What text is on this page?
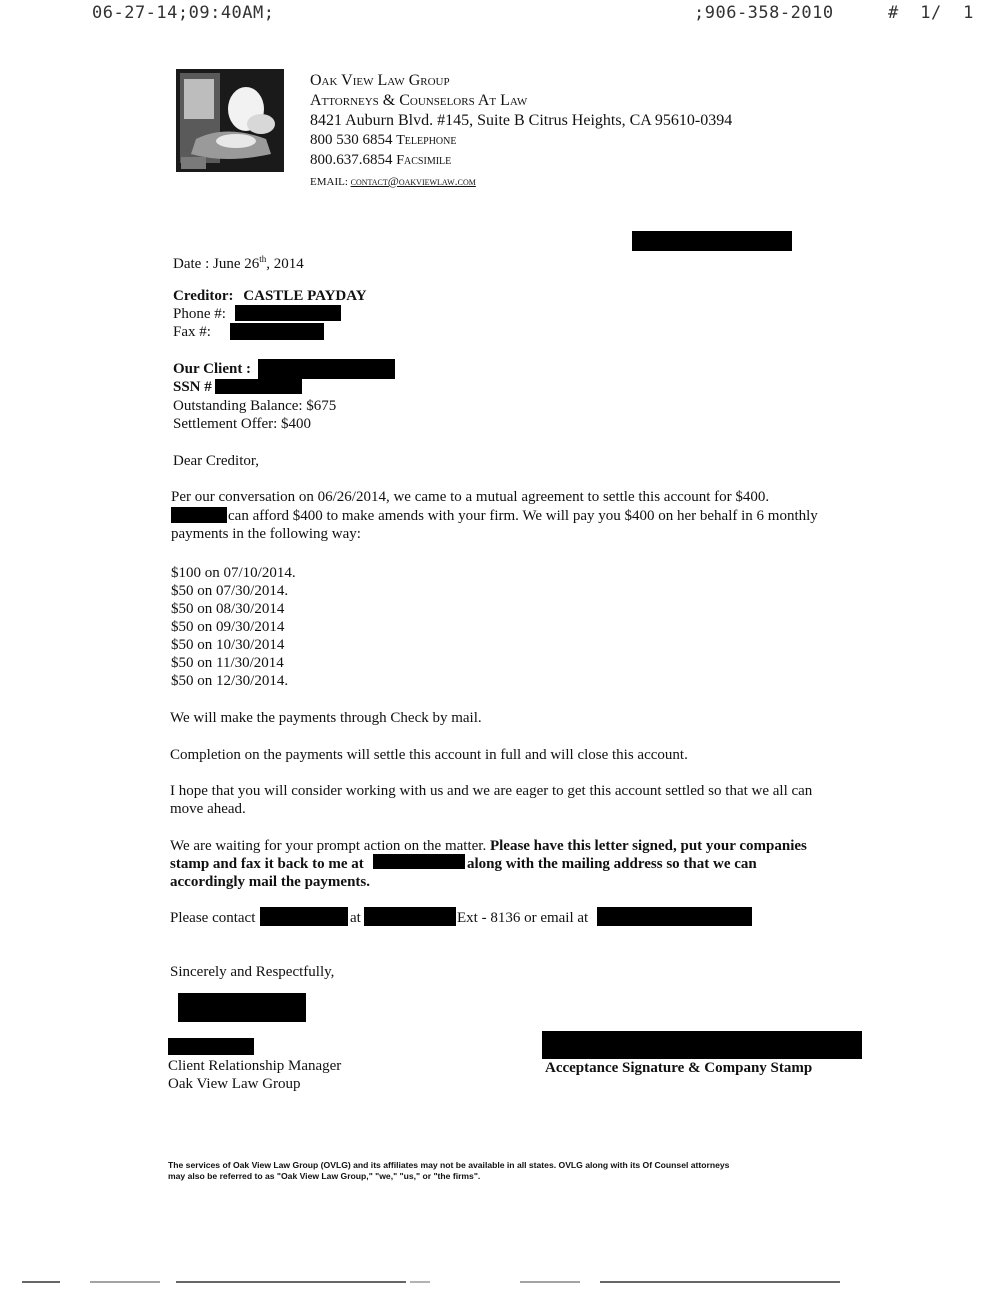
06-27-14;09:40AM;	;906-358-2010	#  1/  1
Oak View Law Group
Attorneys & Counselors At Law
8421 Auburn Blvd. #145, Suite B Citrus Heights, CA 95610-0394
800 530 6854 Telephone
800.637.6854 Facsimile
EMAIL: contact@oakviewlaw.com
Date : June 26th, 2014
Creditor: CASTLE PAYDAY
Phone #:
Fax #:
Our Client :
SSN #
Outstanding Balance: $675
Settlement Offer: $400
Dear Creditor,
Per our conversation on 06/26/2014, we came to a mutual agreement to settle this account for $400.
can afford $400 to make amends with your firm. We will pay you $400 on her behalf in 6 monthly
payments in the following way:
$100 on 07/10/2014.
$50 on 07/30/2014.
$50 on 08/30/2014
$50 on 09/30/2014
$50 on 10/30/2014
$50 on 11/30/2014
$50 on 12/30/2014.
We will make the payments through Check by mail.
Completion on the payments will settle this account in full and will close this account.
I hope that you will consider working with us and we are eager to get this account settled so that we all can
move ahead.
We are waiting for your prompt action on the matter. Please have this letter signed, put your companies
stamp and fax it back to me at	along with the mailing address so that we can
accordingly mail the payments.
Please contact	at	Ext - 8136 or email at
Sincerely and Respectfully,
Client Relationship Manager
Oak View Law Group
Acceptance Signature & Company Stamp
The services of Oak View Law Group (OVLG) and its affiliates may not be available in all states. OVLG along with its Of Counsel attorneys
may also be referred to as "Oak View Law Group," "we," "us," or "the firms".
